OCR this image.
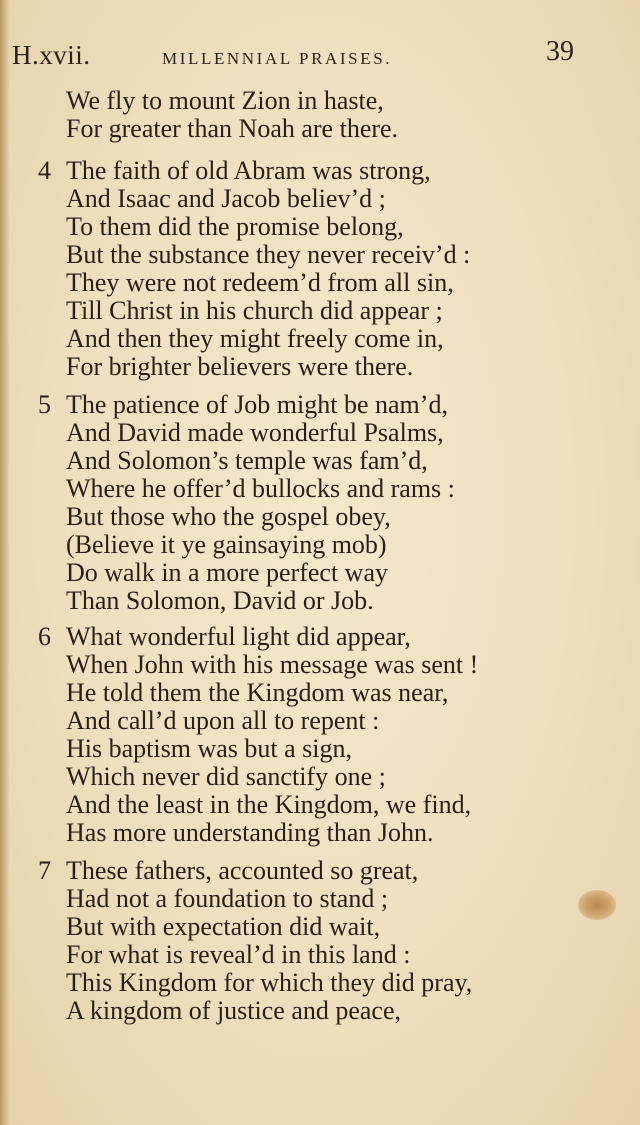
H.xvii.	MILLENNIAL PRAISES.	39
We fly to mount Zion in haste,
For greater than Noah are there.
4 The faith of old Abram was strong,
And Isaac and Jacob believ’d ;
To them did the promise belong,
But the substance they never receiv’d :
They were not redeem’d from all sin,
Till Christ in his church did appear ;
And then they might freely come in,
For brighter believers were there.
5 The patience of Job might be nam’d,
And David made wonderful Psalms,
And Solomon’s temple was fam’d,
Where he offer’d bullocks and rams :
But those who the gospel obey,
(Believe it ye gainsaying mob)
Do walk in a more perfect way
Than Solomon, David or Job.
6 What wonderful light did appear,
When John with his message was sent !
He told them the Kingdom was near,
And call’d upon all to repent :
His baptism was but a sign,
Which never did sanctify one ;
And the least in the Kingdom, we find,
Has more understanding than John.
7 These fathers, accounted so great,
Had not a foundation to stand ;
But with expectation did wait,
For what is reveal’d in this land :
This Kingdom for which they did pray,
A kingdom of justice and peace,
